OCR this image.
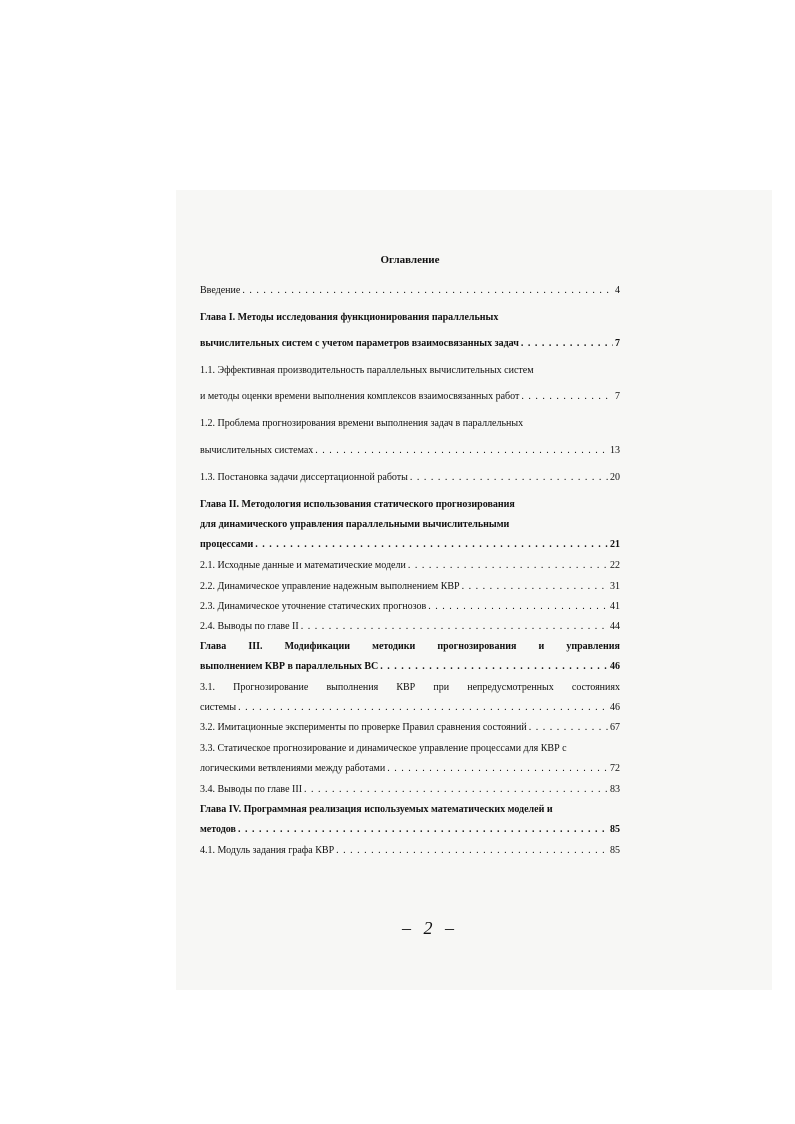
Оглавление
Введение . . .	4
Глава I. Методы исследования функционирования параллельных
вычислительных систем с учетом параметров взаимосвязанных задач . . .	7
1.1. Эффективная производительность параллельных вычислительных систем
и методы оценки времени выполнения комплексов взаимосвязанных работ . . .	7
1.2. Проблема прогнозирования времени выполнения задач в параллельных
вычислительных системах . . .	13
1.3. Постановка задачи диссертационной работы . . .	20
Глава II. Методология использования статического прогнозирования
для динамического управления параллельными вычислительными
процессами . . .	21
2.1. Исходные данные и математические модели . . .	22
2.2. Динамическое управление надежным выполнением КВР . . .	31
2.3. Динамическое уточнение статических прогнозов . . .	41
2.4. Выводы по главе II . . .	44
Глава III. Модификации методики прогнозирования и управления
выполнением КВР в параллельных ВС . . .	46
3.1. Прогнозирование выполнения КВР при непредусмотренных состояниях
системы . . .	46
3.2. Имитационные эксперименты по проверке Правил сравнения состояний . . .	67
3.3. Статическое прогнозирование и динамическое управление процессами для КВР с
логическими ветвлениями между работами . . .	72
3.4. Выводы по главе III . . .	83
Глава IV. Программная реализация используемых математических моделей и
методов . . .	85
4.1. Модуль задания графа КВР . . .	85
– 2 –
